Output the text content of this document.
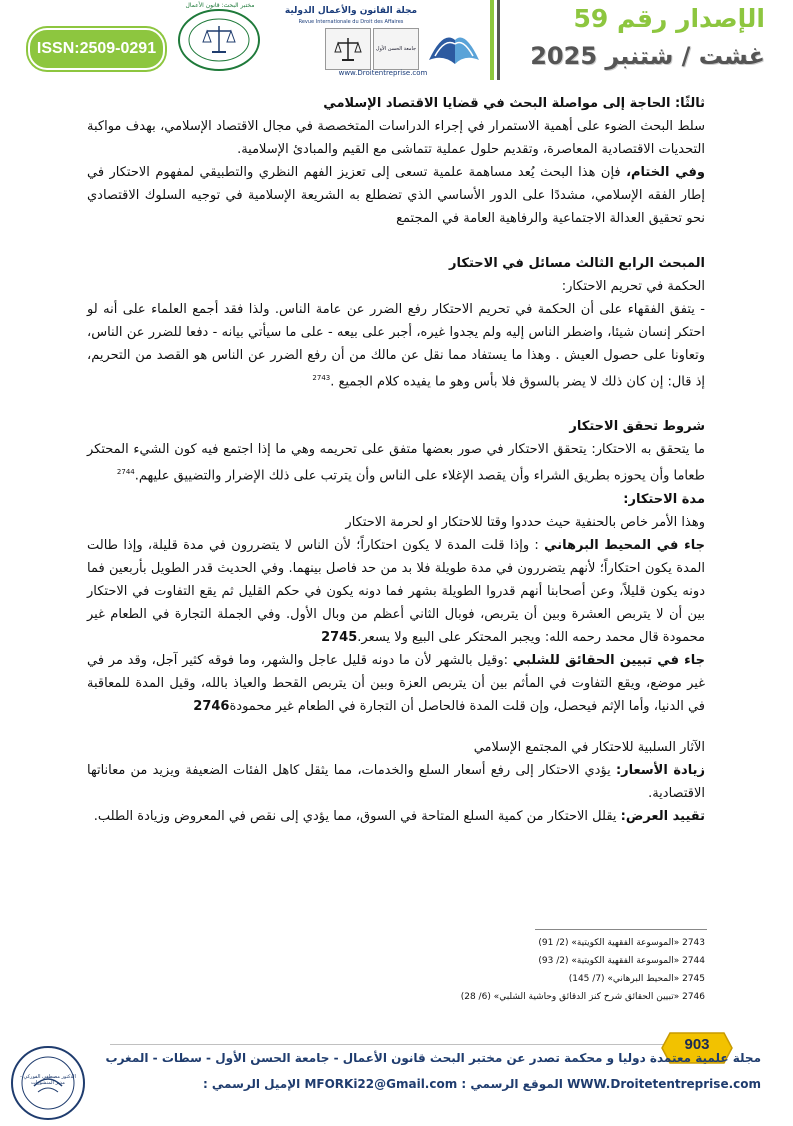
الإصدار رقم 59
غشت / شتنبر 2025
مجلة القانون والأعمال الدولية
Revue Internationale du Droit des Affaires
جامعة الحسن الأول
www.Droitentreprise.com
مختبر البحث: قانون الأعمال
ISSN:2509-0291

ثالثًا: الحاجة إلى مواصلة البحث في قضايا الاقتصاد الإسلامي

سلط البحث الضوء على أهمية الاستمرار في إجراء الدراسات المتخصصة في مجال الاقتصاد الإسلامي، بهدف مواكبة التحديات الاقتصادية المعاصرة، وتقديم حلول عملية تتماشى مع القيم والمبادئ الإسلامية.

وفي الختام، فإن هذا البحث يُعد مساهمة علمية تسعى إلى تعزيز الفهم النظري والتطبيقي لمفهوم الاحتكار في إطار الفقه الإسلامي، مشددًا على الدور الأساسي الذي تضطلع به الشريعة الإسلامية في توجيه السلوك الاقتصادي نحو تحقيق العدالة الاجتماعية والرفاهية العامة في المجتمع

المبحث الرابع الثالث مسائل في الاحتكار

الحكمة في تحريم الاحتكار:

- يتفق الفقهاء على أن الحكمة في تحريم الاحتكار رفع الضرر عن عامة الناس. ولذا فقد أجمع العلماء على أنه لو احتكر إنسان شيئا، واضطر الناس إليه ولم يجدوا غيره، أجبر على بيعه - على ما سيأتي بيانه - دفعا للضرر عن الناس، وتعاونا على حصول العيش . وهذا ما يستفاد مما نقل عن مالك من أن رفع الضرر عن الناس هو القصد من التحريم، إذ قال: إن كان ذلك لا يضر بالسوق فلا بأس وهو ما يفيده كلام الجميع .$^{2743}$

شروط تحقق الاحتكار

ما يتحقق به الاحتكار: يتحقق الاحتكار في صور بعضها متفق على تحريمه وهي ما إذا اجتمع فيه كون الشيء المحتكر طعاما وأن يحوزه بطريق الشراء وأن يقصد الإغلاء على الناس وأن يترتب على ذلك الإضرار والتضييق عليهم.$^{2744}$

مدة الاحتكار:

وهذا الأمر خاص بالحنفية حيث حددوا وقتا للاحتكار او لحرمة الاحتكار

جاء في المحيط البرهاني : وإذا قلت المدة لا يكون احتكاراً؛ لأن الناس لا يتضررون في مدة قليلة، وإذا طالت المدة يكون احتكاراً؛ لأنهم يتضررون في مدة طويلة فلا بد من حد فاصل بينهما. وفي الحديث قدر الطويل بأربعين فما دونه يكون قليلاً، وعن أصحابنا أنهم قدروا الطويلة بشهر فما دونه يكون في حكم القليل ثم يقع التفاوت في الاحتكار بين أن لا يتربص العشرة وبين أن يتربص، فوبال الثاني أعظم من وبال الأول. وفي الجملة التجارة في الطعام غير محمودة قال محمد رحمه الله: ويجبر المحتكر على البيع ولا يسعر.2745

جاء في تبيين الحقائق للشلبي :وقيل بالشهر لأن ما دونه قليل عاجل والشهر، وما فوقه كثير آجل، وقد مر في غير موضع، ويقع التفاوت في المأثم بين أن يتربص العزة وبين أن يتربص القحط والعياذ بالله، وقيل المدة للمعاقبة في الدنيا، وأما الإثم فيحصل، وإن قلت المدة فالحاصل أن التجارة في الطعام غير محمودة2746

الآثار السلبية للاحتكار في المجتمع الإسلامي

زيادة الأسعار: يؤدي الاحتكار إلى رفع أسعار السلع والخدمات، مما يثقل كاهل الفئات الضعيفة ويزيد من معاناتها الاقتصادية.

تقييد العرض: يقلل الاحتكار من كمية السلع المتاحة في السوق، مما يؤدي إلى نقص في المعروض وزيادة الطلب.

2743 «الموسوعة الفقهية الكويتية» (2/ 91)
2744 «الموسوعة الفقهية الكويتية» (2/ 93)
2745 «المحيط البرهاني» (7/ 145)
2746 «تبيين الحقائق شرح كنز الدقائق وحاشية الشلبي» (6/ 28)
903
مجلة علمية معتمدة دوليا و محكمة تصدر عن مختبر البحث قانون الأعمال - جامعة الحسن الأول - سطات - المغرب
WWW.Droitetentreprise.com الموقع الرسمي : MFORKi22@Gmail.com الإميل الرسمي :
الدكتور مصطفى الفوركي - مدير المنشورات
